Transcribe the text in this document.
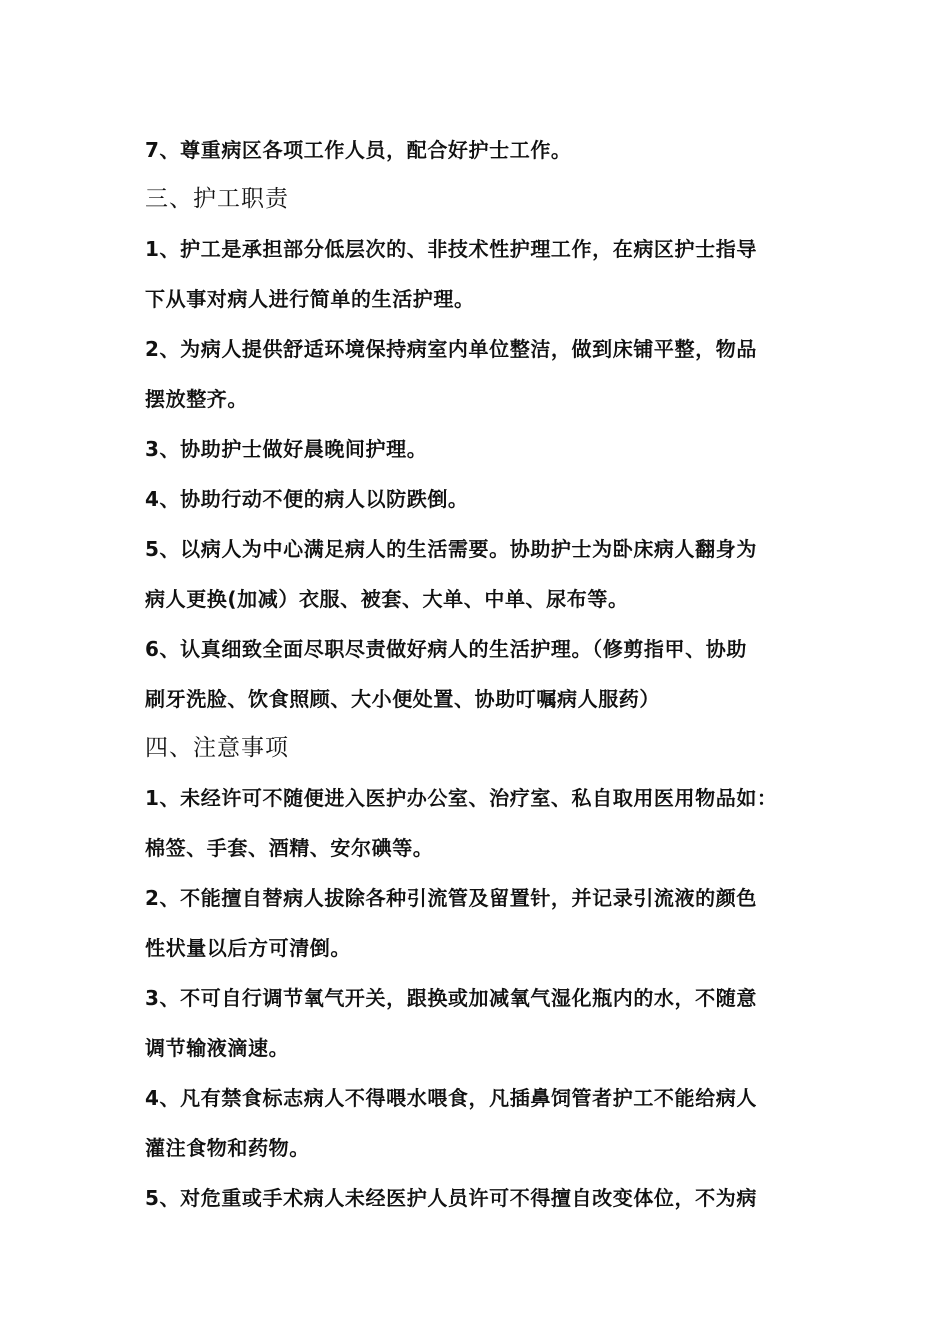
7、尊重病区各项工作人员，配合好护士工作。
三、护工职责
1、护工是承担部分低层次的、非技术性护理工作，在病区护士指导
下从事对病人进行简单的生活护理。
2、为病人提供舒适环境保持病室内单位整洁，做到床铺平整，物品
摆放整齐。
3、协助护士做好晨晚间护理。
4、协助行动不便的病人以防跌倒。
5、以病人为中心满足病人的生活需要。协助护士为卧床病人翻身为
病人更换(加减）衣服、被套、大单、中单、尿布等。
6、认真细致全面尽职尽责做好病人的生活护理。（修剪指甲、协助
刷牙洗脸、饮食照顾、大小便处置、协助叮嘱病人服药）
四、注意事项
1、未经许可不随便进入医护办公室、治疗室、私自取用医用物品如：
棉签、手套、酒精、安尔碘等。
2、不能擅自替病人拔除各种引流管及留置针，并记录引流液的颜色
性状量以后方可清倒。
3、不可自行调节氧气开关，跟换或加减氧气湿化瓶内的水，不随意
调节输液滴速。
4、凡有禁食标志病人不得喂水喂食，凡插鼻饲管者护工不能给病人
灌注食物和药物。
5、对危重或手术病人未经医护人员许可不得擅自改变体位，不为病
